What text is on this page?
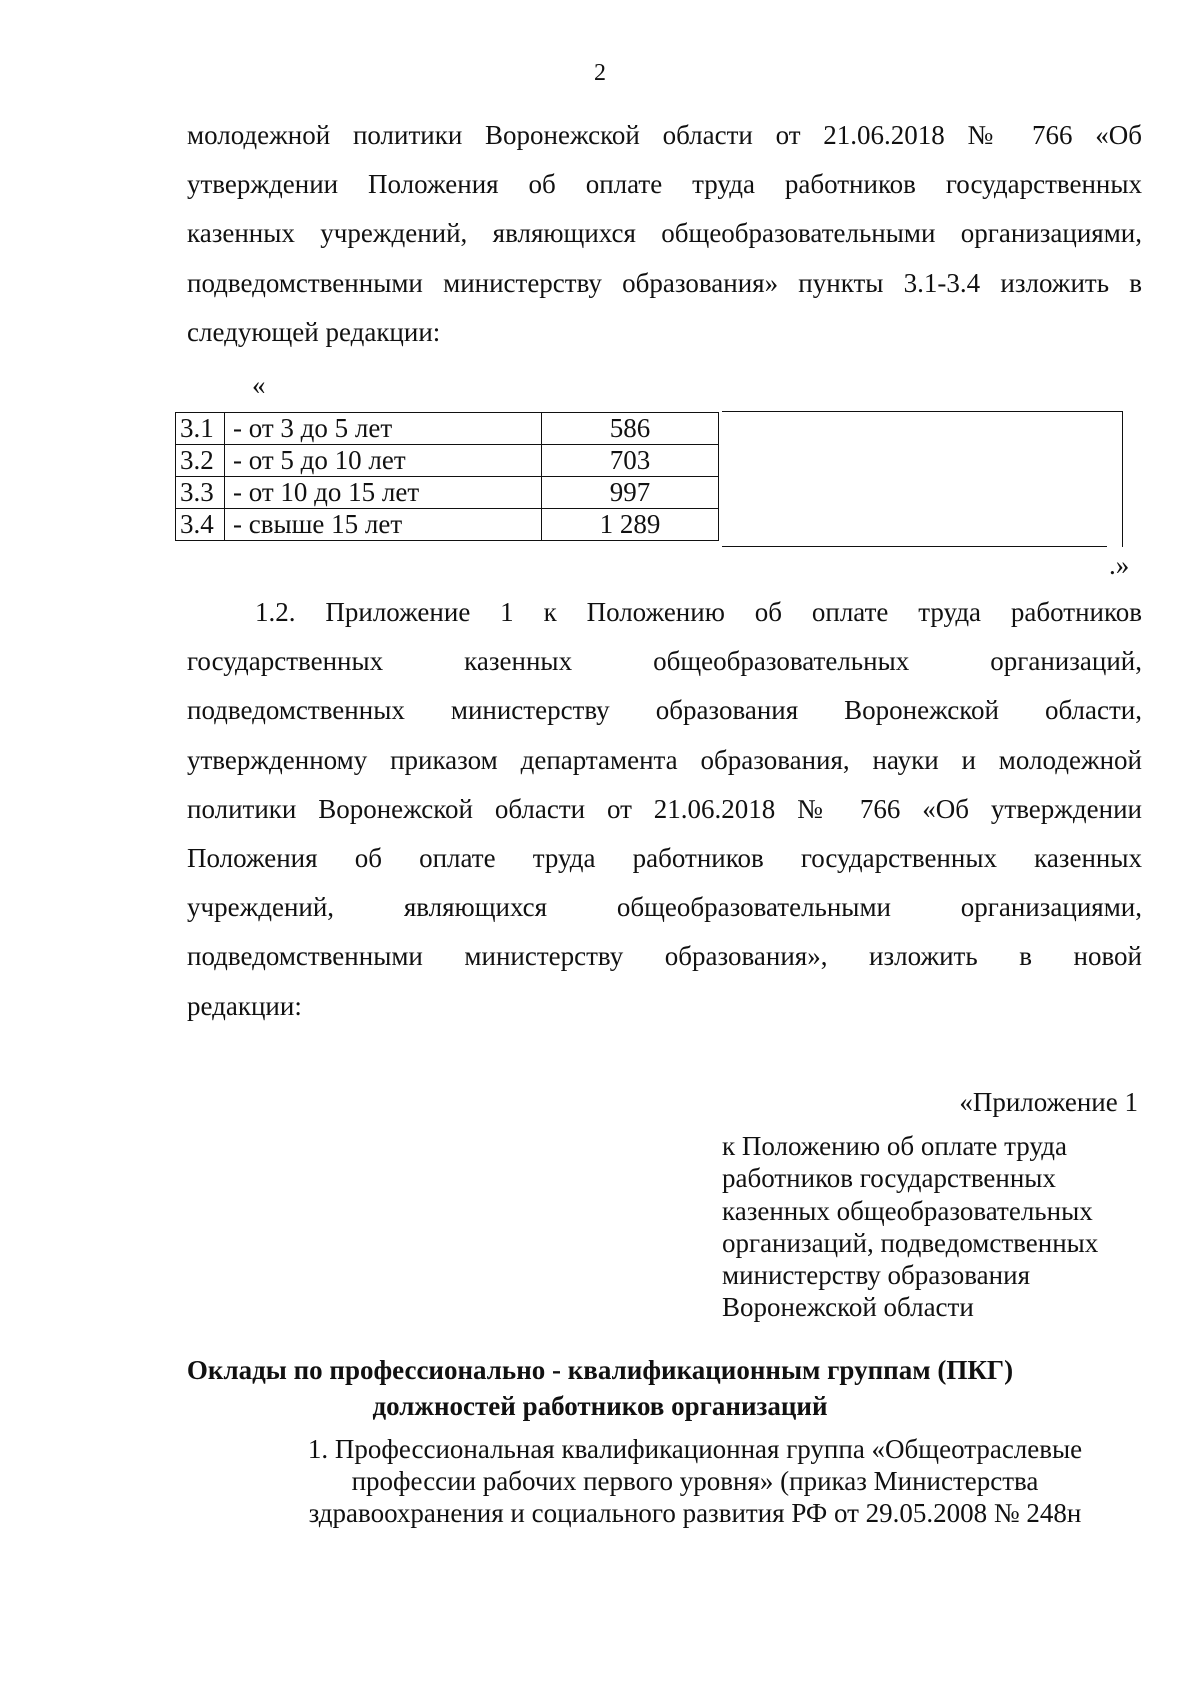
2
молодежной политики Воронежской области от 21.06.2018 № 766 «Об
утверждении Положения об оплате труда работников государственных
казенных учреждений, являющихся общеобразовательными организациями,
подведомственными министерству образования» пункты 3.1-3.4 изложить в
следующей редакции:
«
3.1	- от 3 до 5 лет	586
3.2	- от 5 до 10 лет	703
3.3	- от 10 до 15 лет	997
3.4	- свыше 15 лет	1 289
.»
1.2. Приложение 1 к Положению об оплате труда работников
государственных казенных общеобразовательных организаций,
подведомственных министерству образования Воронежской области,
утвержденному приказом департамента образования, науки и молодежной
политики Воронежской области от 21.06.2018 № 766 «Об утверждении
Положения об оплате труда работников государственных казенных
учреждений, являющихся общеобразовательными организациями,
подведомственными министерству образования», изложить в новой
редакции:
«Приложение 1
к Положению об оплате труда
работников государственных
казенных общеобразовательных
организаций, подведомственных
министерству образования
Воронежской области
Оклады по профессионально - квалификационным группам (ПКГ)
должностей работников организаций
1. Профессиональная квалификационная группа «Общеотраслевые
профессии рабочих первого уровня» (приказ Министерства
здравоохранения и социального развития РФ от 29.05.2008 № 248н
